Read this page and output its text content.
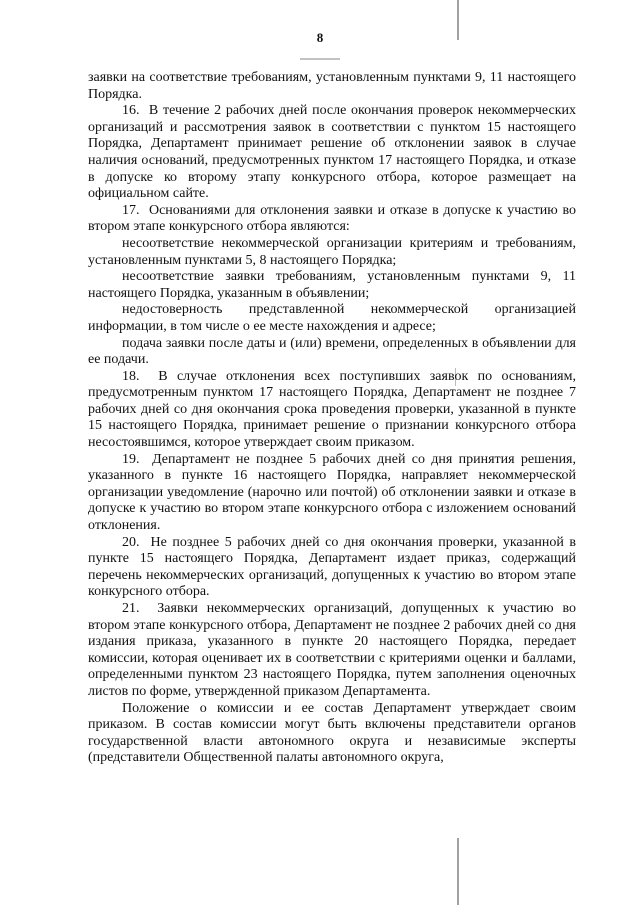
8

заявки на соответствие требованиям, установленным пунктами 9, 11 настоящего Порядка.

16.  В течение 2 рабочих дней после окончания проверок некоммерческих организаций и рассмотрения заявок в соответствии с пунктом 15 настоящего Порядка, Департамент принимает решение об отклонении заявок в случае наличия оснований, предусмотренных пунктом 17 настоящего Порядка, и отказе в допуске ко второму этапу конкурсного отбора, которое размещает на официальном сайте.

17.  Основаниями для отклонения заявки и отказе в допуске к участию во втором этапе конкурсного отбора являются:

несоответствие некоммерческой организации критериям и требованиям, установленным пунктами 5, 8 настоящего Порядка;

несоответствие заявки требованиям, установленным пунктами 9, 11 настоящего Порядка, указанным в объявлении;

недостоверность представленной некоммерческой организацией информации, в том числе о ее месте нахождения и адресе;

подача заявки после даты и (или) времени, определенных в объявлении для ее подачи.

18.  В случае отклонения всех поступивших заявок по основаниям, предусмотренным пунктом 17 настоящего Порядка, Департамент не позднее 7 рабочих дней со дня окончания срока проведения проверки, указанной в пункте 15 настоящего Порядка, принимает решение о признании конкурсного отбора несостоявшимся, которое утверждает своим приказом.

19.  Департамент не позднее 5 рабочих дней со дня принятия решения, указанного в пункте 16 настоящего Порядка, направляет некоммерческой организации уведомление (нарочно или почтой) об отклонении заявки и отказе в допуске к участию во втором этапе конкурсного отбора с изложением оснований отклонения.

20.  Не позднее 5 рабочих дней со дня окончания проверки, указанной в пункте 15 настоящего Порядка, Департамент издает приказ, содержащий перечень некоммерческих организаций, допущенных к участию во втором этапе конкурсного отбора.

21.  Заявки некоммерческих организаций, допущенных к участию во втором этапе конкурсного отбора, Департамент не позднее 2 рабочих дней со дня издания приказа, указанного в пункте 20 настоящего Порядка, передает комиссии, которая оценивает их в соответствии с критериями оценки и баллами, определенными пунктом 23 настоящего Порядка, путем заполнения оценочных листов по форме, утвержденной приказом Департамента.

Положение о комиссии и ее состав Департамент утверждает своим приказом. В состав комиссии могут быть включены представители органов государственной власти автономного округа и независимые эксперты (представители Общественной палаты автономного округа,
